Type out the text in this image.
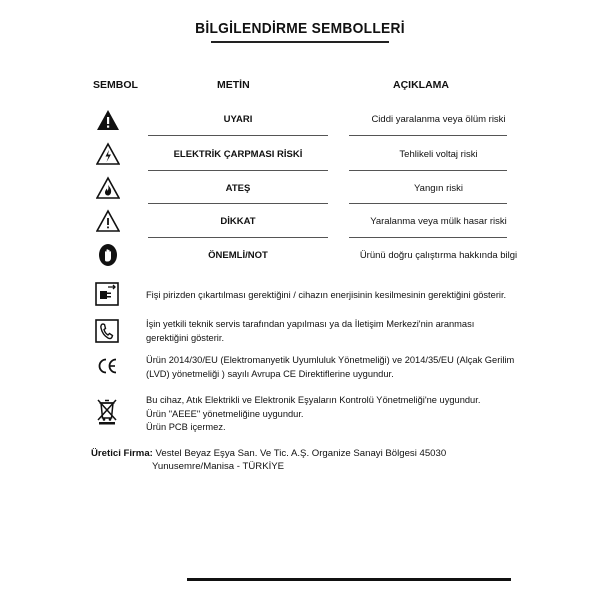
BİLGİLENDİRME SEMBOLLERİ
SEMBOL	METİN	AÇIKLAMA
UYARI	Ciddi yaralanma veya ölüm riski
ELEKTRİK ÇARPMASI RİSKİ	Tehlikeli voltaj riski
ATEŞ	Yangın riski
DİKKAT	Yaralanma veya mülk hasar riski
ÖNEMLİ/NOT	Ürünü doğru çalıştırma hakkında bilgi
Fişi pirizden çıkartılması gerektiğini / cihazın enerjisinin kesilmesinin gerektiğini gösterir.
İşin yetkili teknik servis tarafından yapılması ya da İletişim Merkezi'nin aranması
gerektiğini gösterir.
Ürün 2014/30/EU (Elektromanyetik Uyumluluk Yönetmeliği) ve 2014/35/EU (Alçak Gerilim
(LVD) yönetmeliği ) sayılı Avrupa CE Direktiflerine uygundur.
Bu cihaz, Atık Elektrikli ve Elektronik Eşyaların Kontrolü Yönetmeliği'ne uygundur.
Ürün "AEEE" yönetmeliğine uygundur.
Ürün PCB içermez.
Üretici Firma: Vestel Beyaz Eşya San. Ve Tic. A.Ş. Organize Sanayi Bölgesi 45030
Yunusemre/Manisa - TÜRKİYE
